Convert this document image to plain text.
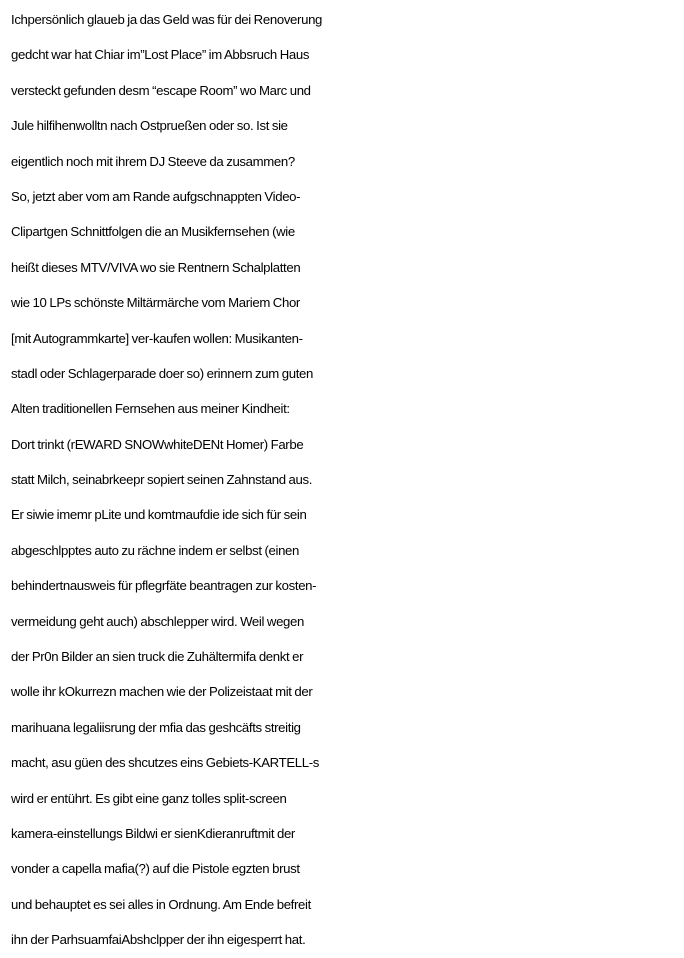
Ichpersönlich glaueb ja das Geld was für dei Renoverung
gedcht war hat Chiar im”Lost Place” im Abbsruch Haus
versteckt gefunden desm “escape Room” wo Marc und
Jule hilfihenwolltn nach Ostprueßen oder so. Ist sie
eigentlich noch mit ihrem DJ Steeve da zusammen?
So, jetzt aber vom am Rande aufgschnappten Video-
Clipartgen Schnittfolgen die an Musikfernsehen (wie
heißt dieses MTV/VIVA wo sie Rentnern Schalplatten
wie 10 LPs schönste Miltärmärche vom Mariem Chor
[mit Autogrammkarte] ver-kaufen wollen: Musikanten-
stadl oder Schlagerparade doer so) erinnern zum guten
Alten traditionellen Fernsehen aus meiner Kindheit:
Dort trinkt (rEWARD SNOWwhiteDENt Homer) Farbe
statt Milch, seinabrkeepr sopiert seinen Zahnstand aus.
Er siwie imemr pLite und komtmaufdie ide sich für sein
abgeschlpptes auto zu rächne indem er selbst (einen
behindertnausweis für pflegrfäte beantragen zur kosten-
vermeidung geht auch) abschlepper wird. Weil wegen
der Pr0n Bilder an sien truck die Zuhältermifa denkt er
wolle ihr kOkurrezn machen wie der Polizeistaat mit der
marihuana legaliisrung der mfia das geshcäfts streitig
macht, asu güen des shcutzes eins Gebiets-KARTELL-s
wird er entührt. Es gibt eine ganz tolles split-screen
kamera-einstellungs Bildwi er sienKdieranruftmit der
vonder a capella mafia(?) auf die Pistole egzten brust
und behauptet es sei alles in Ordnung. Am Ende befreit
ihn der ParhsuamfaiAbshclpper der ihn eigesperrt hat.
